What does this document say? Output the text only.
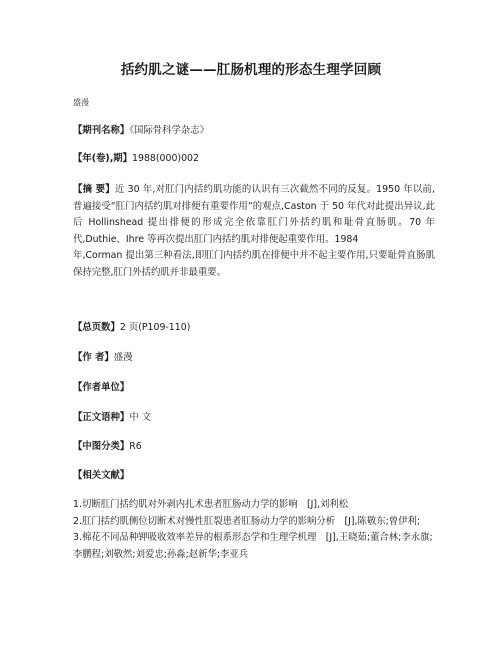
括约肌之谜——肛肠机理的形态生理学回顾
盛漫
【期刊名称】《国际骨科学杂志》
【年(卷),期】1988(000)002

【摘 要】近 30 年,对肛门内括约肌功能的认识有三次截然不同的反复。1950 年以前,普遍接受“肛门内括约肌对排便有重要作用”的观点,Caston 于 50 年代对此提出异议,此后 Hollinshead 提出排便的形成完全依靠肛门外括约肌和耻骨直肠肌。70 年代,Duthie、Ihre 等再次提出肛门内括约肌对排便起重要作用。1984

年,Corman 提出第三种看法,即肛门内括约肌在排便中并不起主要作用,只要耻骨直肠肌保持完整,肛门外括约肌并非最重要。

【总页数】2 页(P109-110)
【作 者】盛漫
【作者单位】
【正文语种】中 文
【中图分类】R6
【相关文献】
1.切断肛门括约肌对外剥内扎术患者肛肠动力学的影响　[J],刘利松
2.肛门括约肌侧位切断术对慢性肛裂患者肛肠动力学的影响分析　[J],陈敬东;曾伊利;
3.棉花不同品种钾吸收效率差异的根系形态学和生理学机理　[J],王晓茹;董合林;李永旗;李鹏程;刘敬然;刘爱忠;孙淼;赵新华;李亚兵
